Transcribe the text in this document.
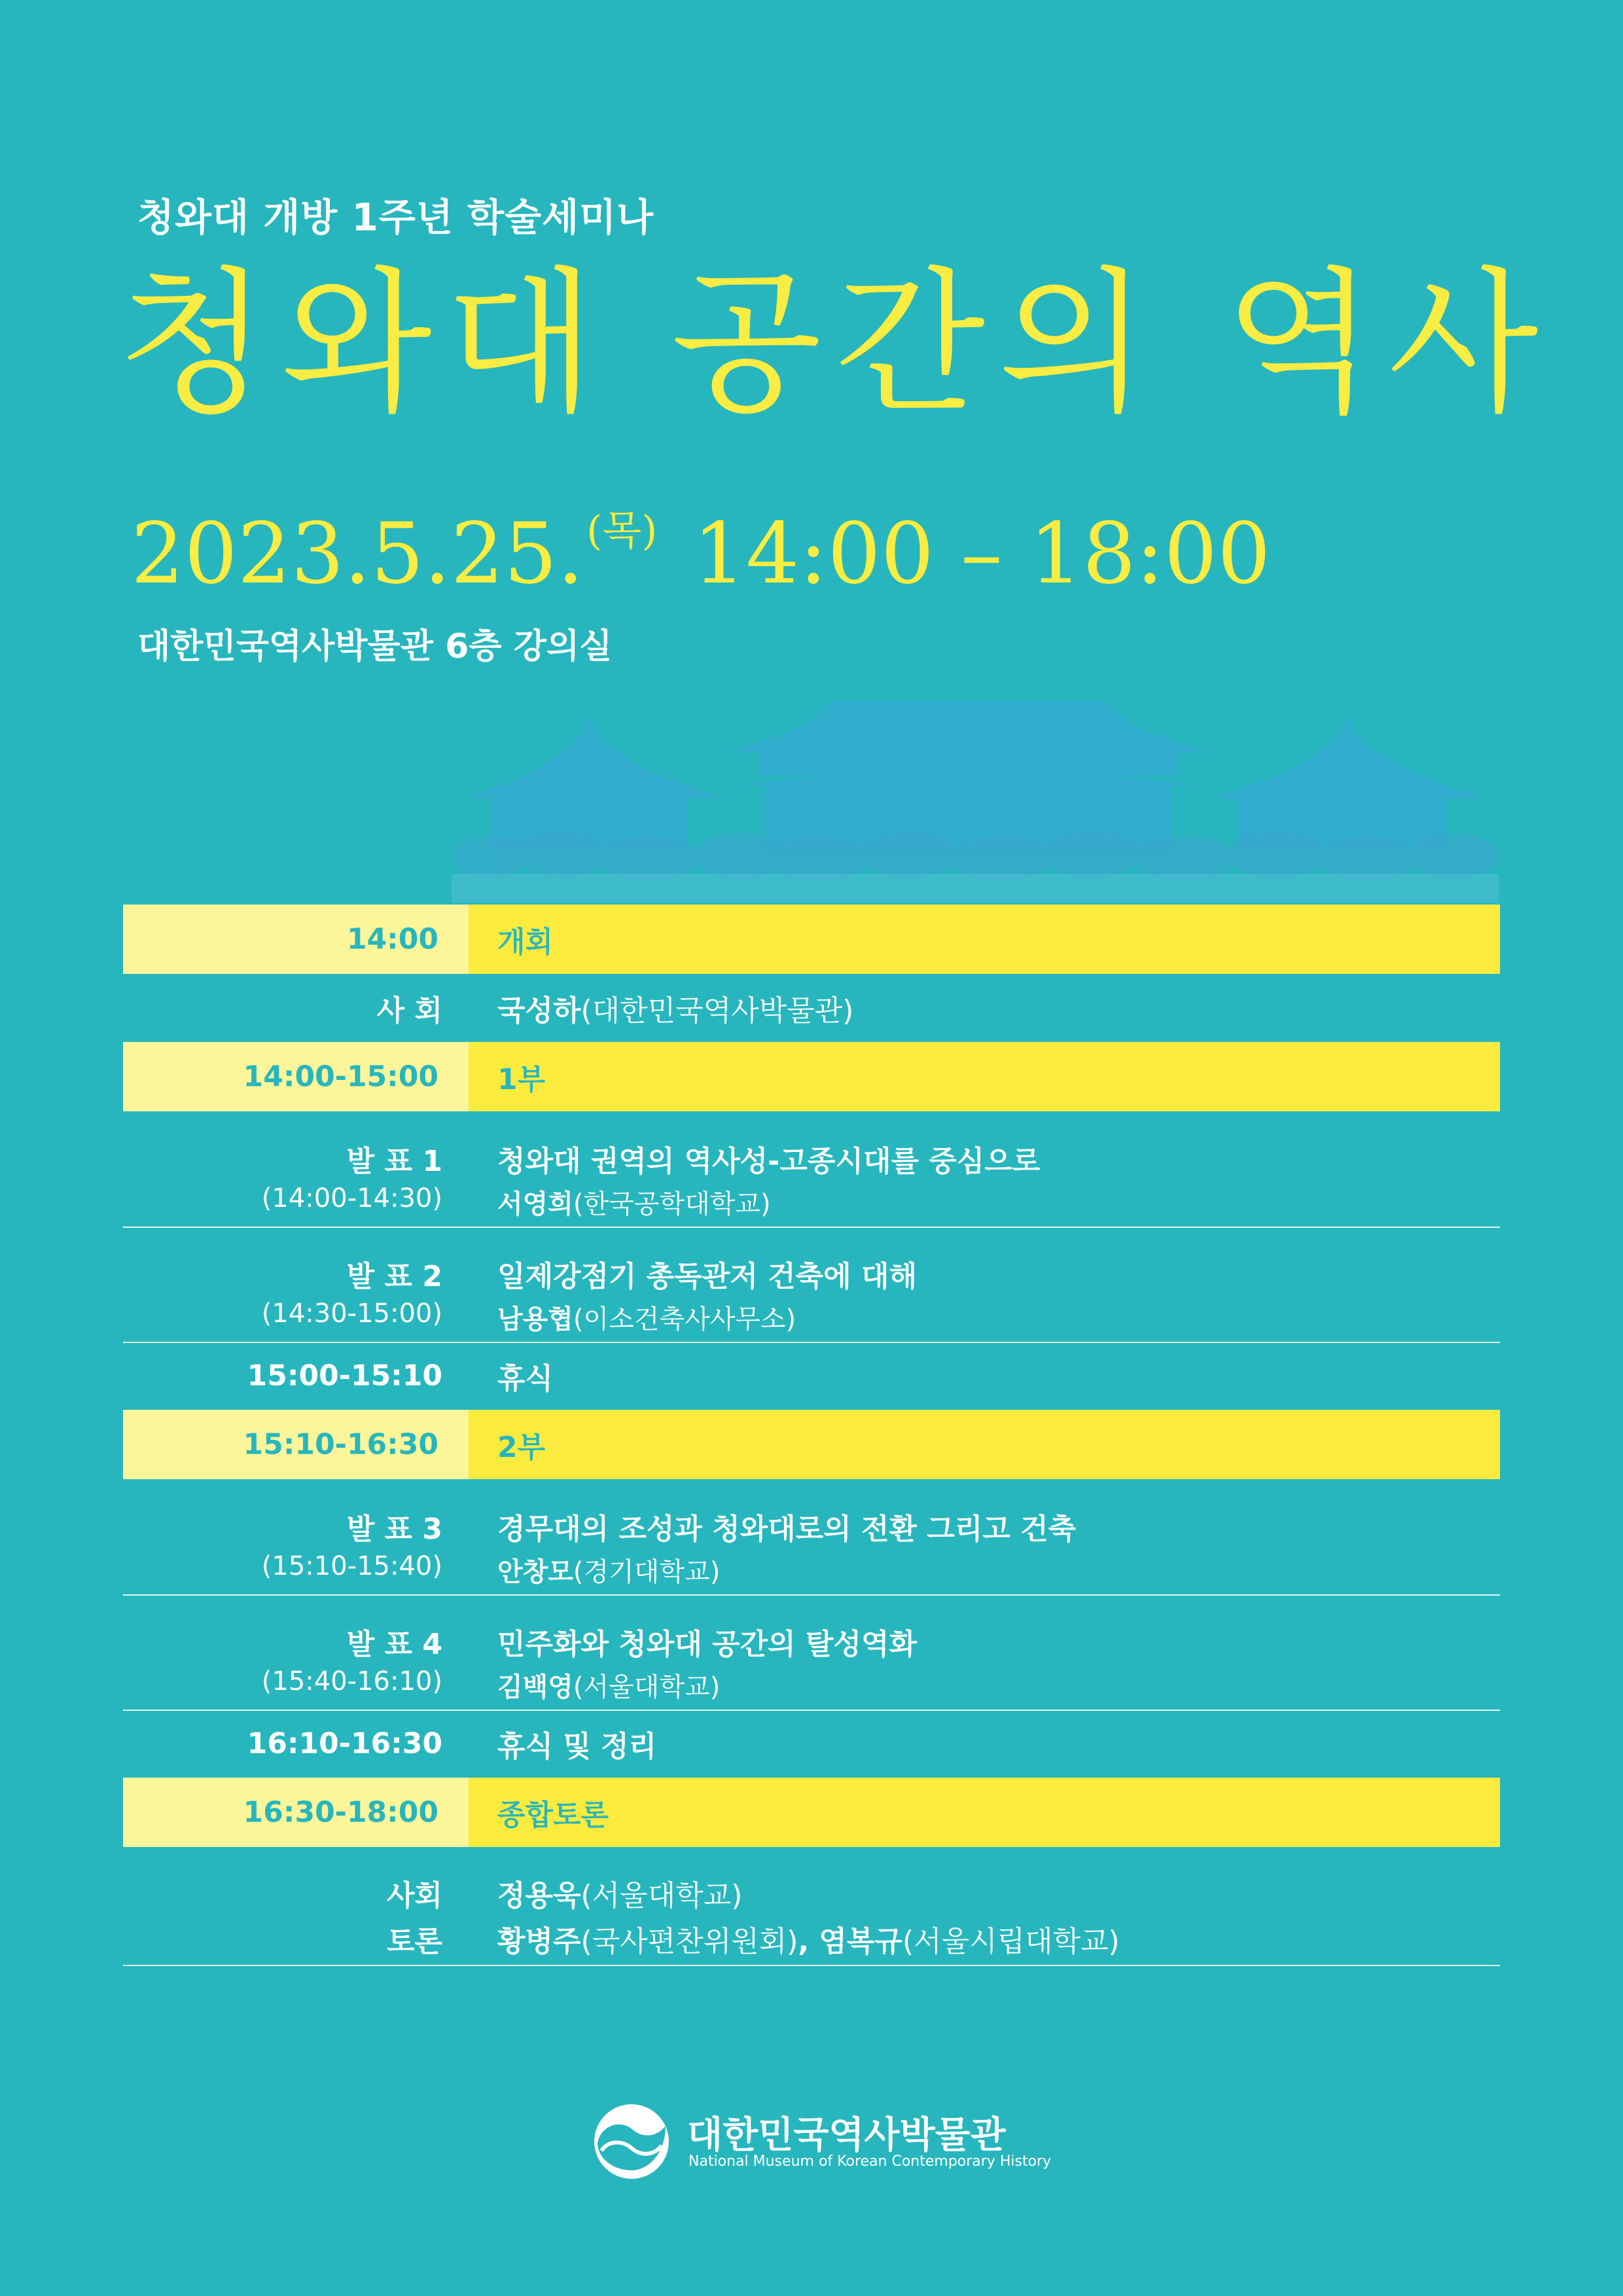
청와대 개방 1주년 학술세미나
청와대 공간의 역사
2023.5.25.$^{(목)}$ 14:00 – 18:00
대한민국역사박물관 6층 강의실
14:00 개회
사 회 국성하(대한민국역사박물관)
14:00-15:00 1부
발 표 1 청와대 권역의 역사성-고종시대를 중심으로
(14:00-14:30) 서영희(한국공학대학교)
발 표 2 일제강점기 총독관저 건축에 대해
(14:30-15:00) 남용협(이소건축사사무소)
15:00-15:10 휴식
15:10-16:30 2부
발 표 3 경무대의 조성과 청와대로의 전환 그리고 건축
(15:10-15:40) 안창모(경기대학교)
발 표 4 민주화와 청와대 공간의 탈성역화
(15:40-16:10) 김백영(서울대학교)
16:10-16:30 휴식 및 정리
16:30-18:00 종합토론
사회 정용욱(서울대학교)
토론 황병주(국사편찬위원회), 염복규(서울시립대학교)
대한민국역사박물관
National Museum of Korean Contemporary History
